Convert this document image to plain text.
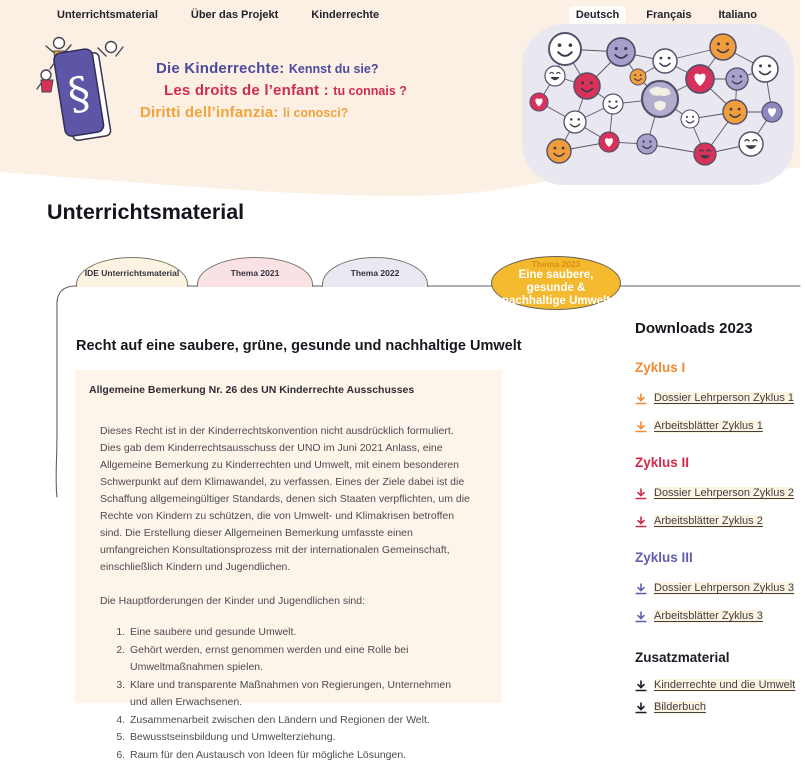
Unterrichtsmaterial	Über das Projekt	Kinderrechte	Deutsch	Français	Italiano
§	Die Kinderrechte: Kennst du sie?
Les droits de l’enfant : tu connais ?
Diritti dell’infanzia: li conosci?
Unterrichtsmaterial
IDE Unterrichtsmaterial	Thema 2021	Thema 2022
Thema 2023
Eine saubere, gesunde & nachhaltige Umwelt
Recht auf eine saubere, grüne, gesunde und nachhaltige Umwelt
Allgemeine Bemerkung Nr. 26 des UN Kinderrechte Ausschusses

Dieses Recht ist in der Kinderrechtskonvention nicht ausdrücklich formuliert. Dies gab dem Kinderrechtsausschuss der UNO im Juni 2021 Anlass, eine Allgemeine Bemerkung zu Kinderrechten und Umwelt, mit einem besonderen Schwerpunkt auf dem Klimawandel, zu verfassen. Eines der Ziele dabei ist die Schaffung allgemeingültiger Standards, denen sich Staaten verpflichten, um die Rechte von Kindern zu schützen, die von Umwelt- und Klimakrisen betroffen sind. Die Erstellung dieser Allgemeinen Bemerkung umfasste einen umfangreichen Konsultationsprozess mit der internationalen Gemeinschaft, einschließlich Kindern und Jugendlichen.

Die Hauptforderungen der Kinder und Jugendlichen sind:

1. Eine saubere und gesunde Umwelt.
2. Gehört werden, ernst genommen werden und eine Rolle bei Umweltmaßnahmen spielen.
3. Klare und transparente Maßnahmen von Regierungen, Unternehmen und allen Erwachsenen.
4. Zusammenarbeit zwischen den Ländern und Regionen der Welt.
5. Bewusstseinsbildung und Umwelterziehung.
6. Raum für den Austausch von Ideen für mögliche Lösungen.
Downloads 2023
Zyklus I
Dossier Lehrperson Zyklus 1
Arbeitsblätter Zyklus 1
Zyklus II
Dossier Lehrperson Zyklus 2
Arbeitsblätter Zyklus 2
Zyklus III
Dossier Lehrperson Zyklus 3
Arbeitsblätter Zyklus 3
Zusatzmaterial
Kinderrechte und die Umwelt
Bilderbuch
